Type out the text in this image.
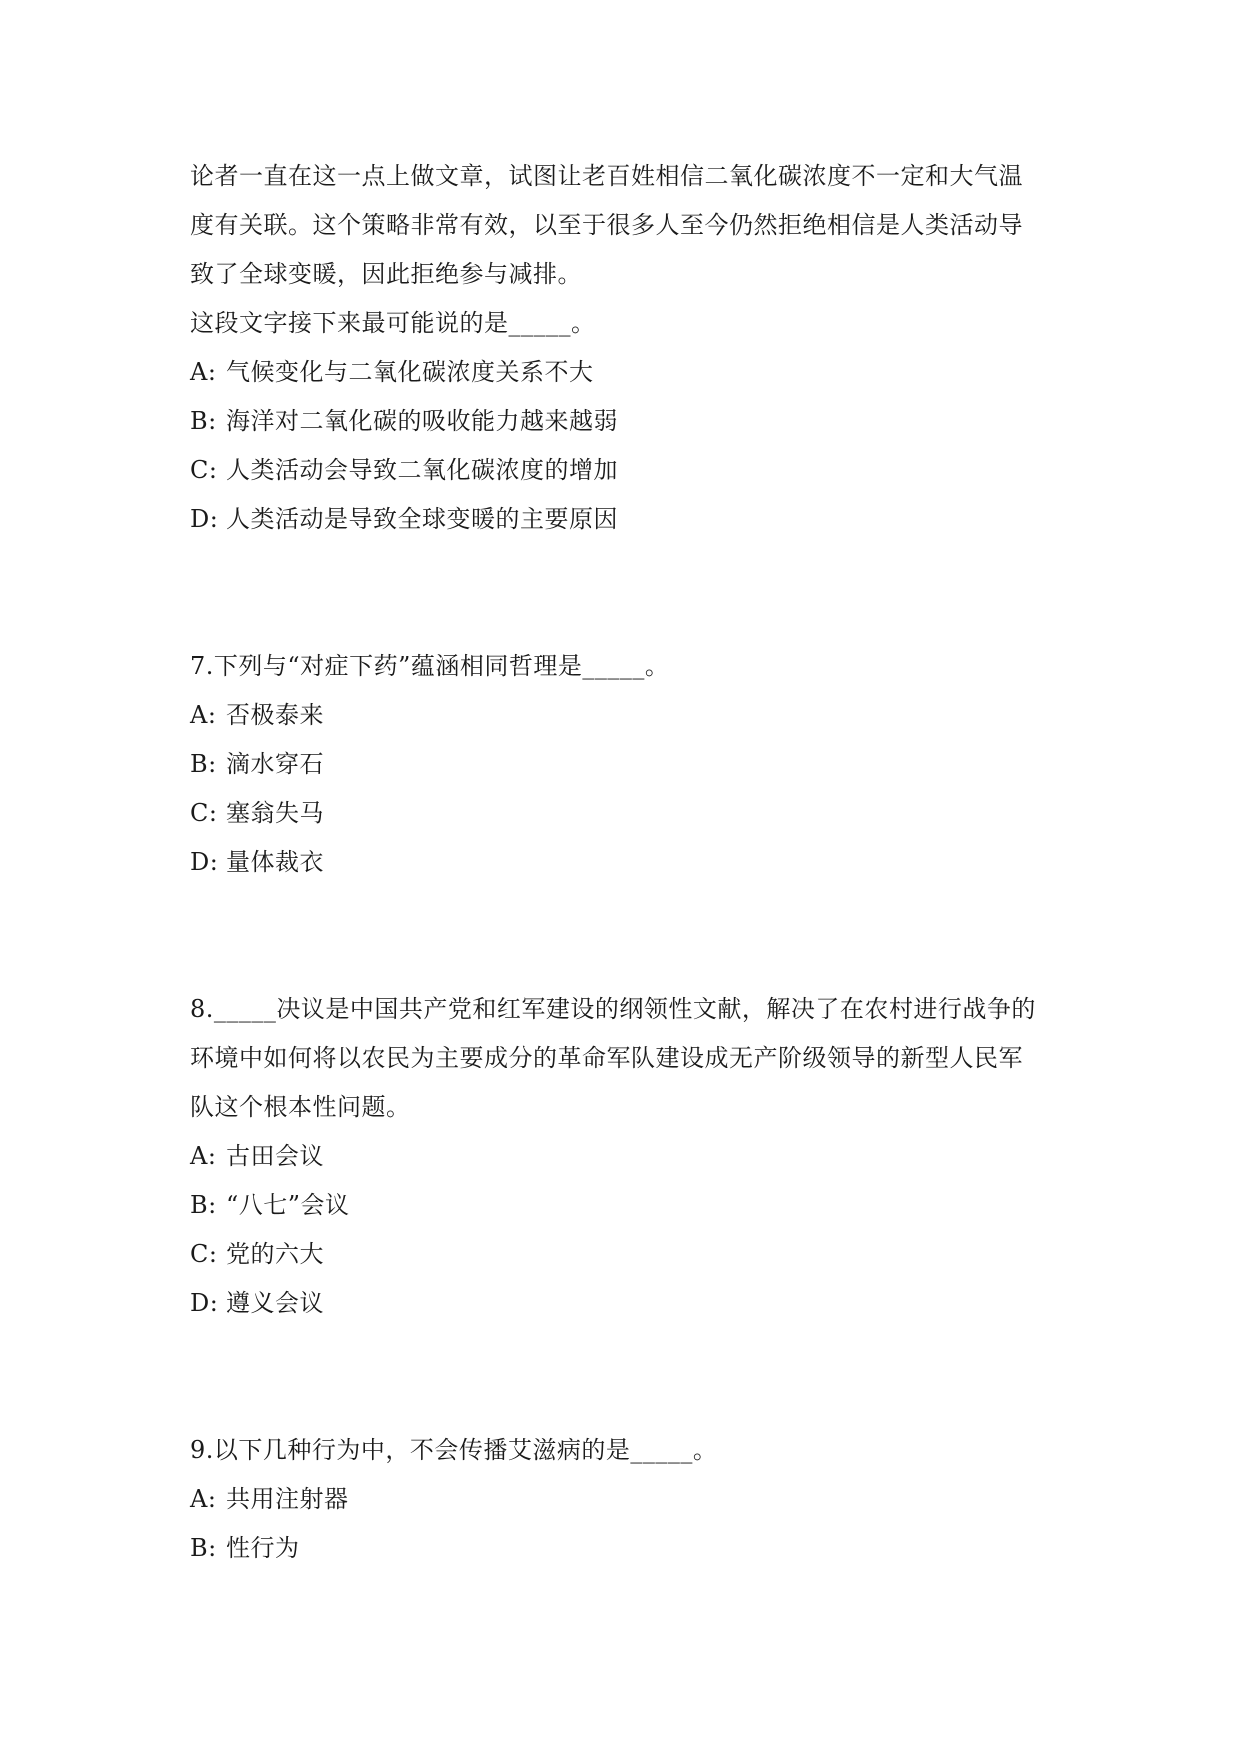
论者一直在这一点上做文章，试图让老百姓相信二氧化碳浓度不一定和大气温
度有关联。这个策略非常有效，以至于很多人至今仍然拒绝相信是人类活动导
致了全球变暖，因此拒绝参与减排。
这段文字接下来最可能说的是_____。
A: 气候变化与二氧化碳浓度关系不大
B: 海洋对二氧化碳的吸收能力越来越弱
C: 人类活动会导致二氧化碳浓度的增加
D: 人类活动是导致全球变暖的主要原因
7.下列与“对症下药”蕴涵相同哲理是_____。
A: 否极泰来
B: 滴水穿石
C: 塞翁失马
D: 量体裁衣
8._____决议是中国共产党和红军建设的纲领性文献，解决了在农村进行战争的
环境中如何将以农民为主要成分的革命军队建设成无产阶级领导的新型人民军
队这个根本性问题。
A: 古田会议
B: “八七”会议
C: 党的六大
D: 遵义会议
9.以下几种行为中，不会传播艾滋病的是_____。
A: 共用注射器
B: 性行为
